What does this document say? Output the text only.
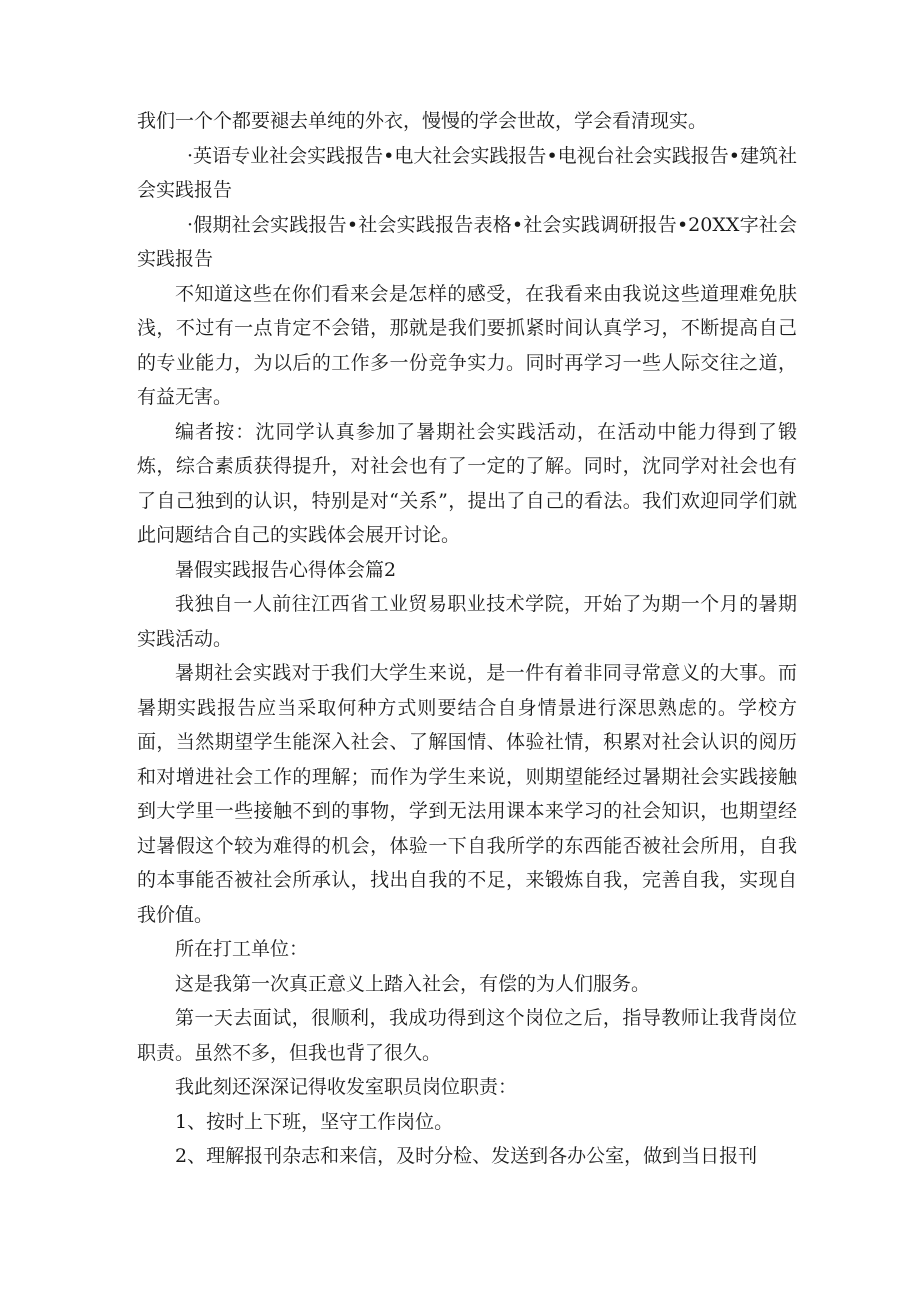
我们一个个都要褪去单纯的外衣，慢慢的学会世故，学会看清现实。

·英语专业社会实践报告•电大社会实践报告•电视台社会实践报告•建筑社会实践报告

·假期社会实践报告•社会实践报告表格•社会实践调研报告•20XX字社会实践报告

不知道这些在你们看来会是怎样的感受，在我看来由我说这些道理难免肤浅，不过有一点肯定不会错，那就是我们要抓紧时间认真学习，不断提高自己的专业能力，为以后的工作多一份竞争实力。同时再学习一些人际交往之道，有益无害。

编者按：沈同学认真参加了暑期社会实践活动，在活动中能力得到了锻炼，综合素质获得提升，对社会也有了一定的了解。同时，沈同学对社会也有了自己独到的认识，特别是对“关系”，提出了自己的看法。我们欢迎同学们就此问题结合自己的实践体会展开讨论。

暑假实践报告心得体会篇2

我独自一人前往江西省工业贸易职业技术学院，开始了为期一个月的暑期实践活动。

暑期社会实践对于我们大学生来说，是一件有着非同寻常意义的大事。而暑期实践报告应当采取何种方式则要结合自身情景进行深思熟虑的。学校方面，当然期望学生能深入社会、了解国情、体验社情，积累对社会认识的阅历和对增进社会工作的理解；而作为学生来说，则期望能经过暑期社会实践接触到大学里一些接触不到的事物，学到无法用课本来学习的社会知识，也期望经过暑假这个较为难得的机会，体验一下自我所学的东西能否被社会所用，自我的本事能否被社会所承认，找出自我的不足，来锻炼自我，完善自我，实现自我价值。

所在打工单位：

这是我第一次真正意义上踏入社会，有偿的为人们服务。

第一天去面试，很顺利，我成功得到这个岗位之后，指导教师让我背岗位职责。虽然不多，但我也背了很久。

我此刻还深深记得收发室职员岗位职责：

1、按时上下班，坚守工作岗位。

2、理解报刊杂志和来信，及时分检、发送到各办公室，做到当日报刊
